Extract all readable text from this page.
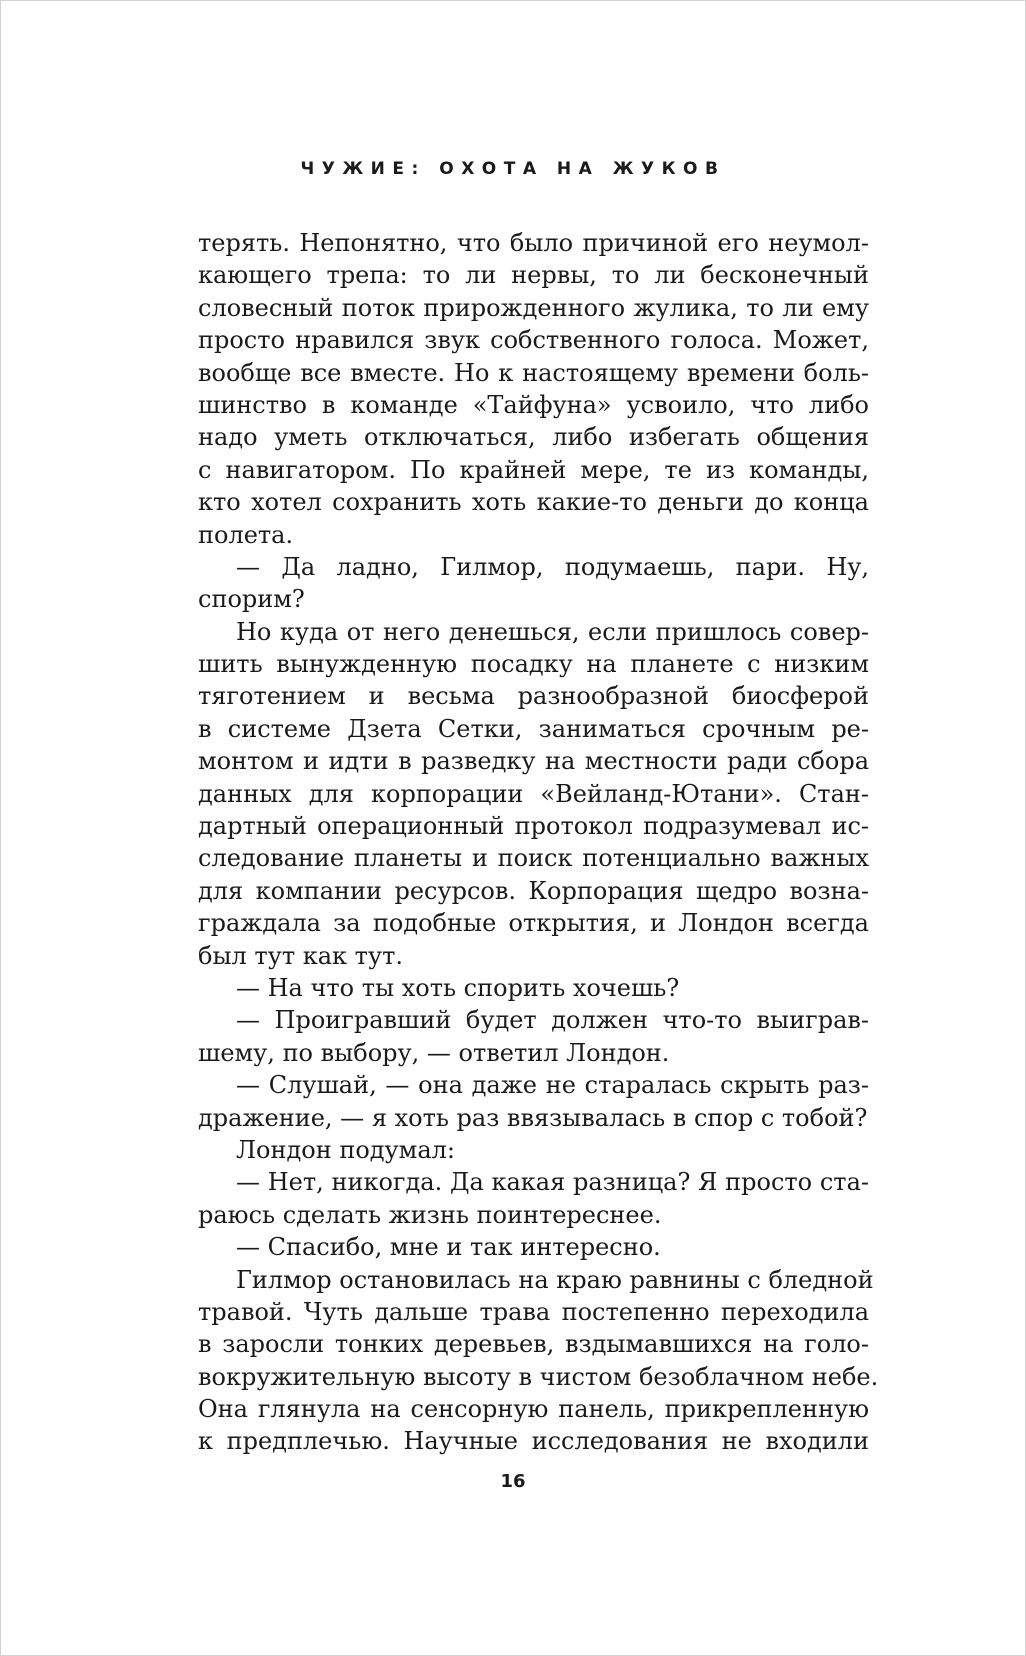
ЧУЖИЕ: ОХОТА НА ЖУКОВ
терять. Непонятно, что было причиной его неумол-
кающего трепа: то ли нервы, то ли бесконечный
словесный поток прирожденного жулика, то ли ему
просто нравился звук собственного голоса. Может,
вообще все вместе. Но к настоящему времени боль-
шинство в команде «Тайфуна» усвоило, что либо
надо уметь отключаться, либо избегать общения
с навигатором. По крайней мере, те из команды,
кто хотел сохранить хоть какие-то деньги до конца
полета.
— Да ладно, Гилмор, подумаешь, пари. Ну,
спорим?
Но куда от него денешься, если пришлось совер-
шить вынужденную посадку на планете с низким
тяготением и весьма разнообразной биосферой
в системе Дзета Сетки, заниматься срочным ре-
монтом и идти в разведку на местности ради сбора
данных для корпорации «Вейланд-Ютани». Стан-
дартный операционный протокол подразумевал ис-
следование планеты и поиск потенциально важных
для компании ресурсов. Корпорация щедро возна-
граждала за подобные открытия, и Лондон всегда
был тут как тут.
— На что ты хоть спорить хочешь?
— Проигравший будет должен что-то выиграв-
шему, по выбору, — ответил Лондон.
— Слушай, — она даже не старалась скрыть раз-
дражение, — я хоть раз ввязывалась в спор с тобой?
Лондон подумал:
— Нет, никогда. Да какая разница? Я просто ста-
раюсь сделать жизнь поинтереснее.
— Спасибо, мне и так интересно.
Гилмор остановилась на краю равнины с бледной
травой. Чуть дальше трава постепенно переходила
в заросли тонких деревьев, вздымавшихся на голо-
вокружительную высоту в чистом безоблачном небе.
Она глянула на сенсорную панель, прикрепленную
к предплечью. Научные исследования не входили
16
